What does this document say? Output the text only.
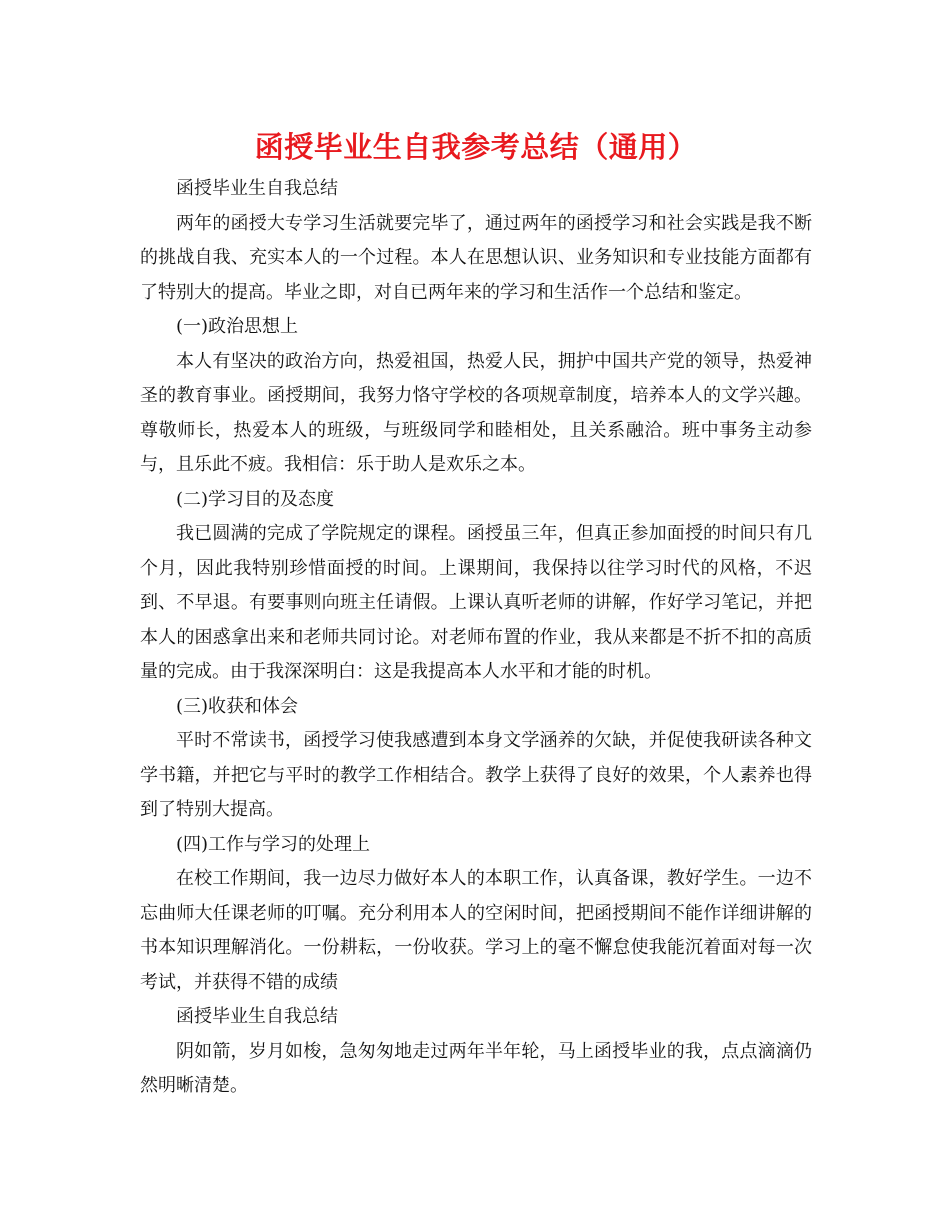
函授毕业生自我参考总结（通用）

函授毕业生自我总结

两年的函授大专学习生活就要完毕了，通过两年的函授学习和社会实践是我不断的挑战自我、充实本人的一个过程。本人在思想认识、业务知识和专业技能方面都有了特别大的提高。毕业之即，对自已两年来的学习和生活作一个总结和鉴定。

(一)政治思想上

本人有坚决的政治方向，热爱祖国，热爱人民，拥护中国共产党的领导，热爱神圣的教育事业。函授期间，我努力恪守学校的各项规章制度，培养本人的文学兴趣。尊敬师长，热爱本人的班级，与班级同学和睦相处，且关系融洽。班中事务主动参与，且乐此不疲。我相信：乐于助人是欢乐之本。

(二)学习目的及态度

我已圆满的完成了学院规定的课程。函授虽三年，但真正参加面授的时间只有几个月，因此我特别珍惜面授的时间。上课期间，我保持以往学习时代的风格，不迟到、不早退。有要事则向班主任请假。上课认真听老师的讲解，作好学习笔记，并把本人的困惑拿出来和老师共同讨论。对老师布置的作业，我从来都是不折不扣的高质量的完成。由于我深深明白：这是我提高本人水平和才能的时机。

(三)收获和体会

平时不常读书，函授学习使我感遭到本身文学涵养的欠缺，并促使我研读各种文学书籍，并把它与平时的教学工作相结合。教学上获得了良好的效果，个人素养也得到了特别大提高。

(四)工作与学习的处理上

在校工作期间，我一边尽力做好本人的本职工作，认真备课，教好学生。一边不忘曲师大任课老师的叮嘱。充分利用本人的空闲时间，把函授期间不能作详细讲解的书本知识理解消化。一份耕耘，一份收获。学习上的毫不懈怠使我能沉着面对每一次考试，并获得不错的成绩

函授毕业生自我总结

阴如箭，岁月如梭，急匆匆地走过两年半年轮，马上函授毕业的我，点点滴滴仍然明晰清楚。
